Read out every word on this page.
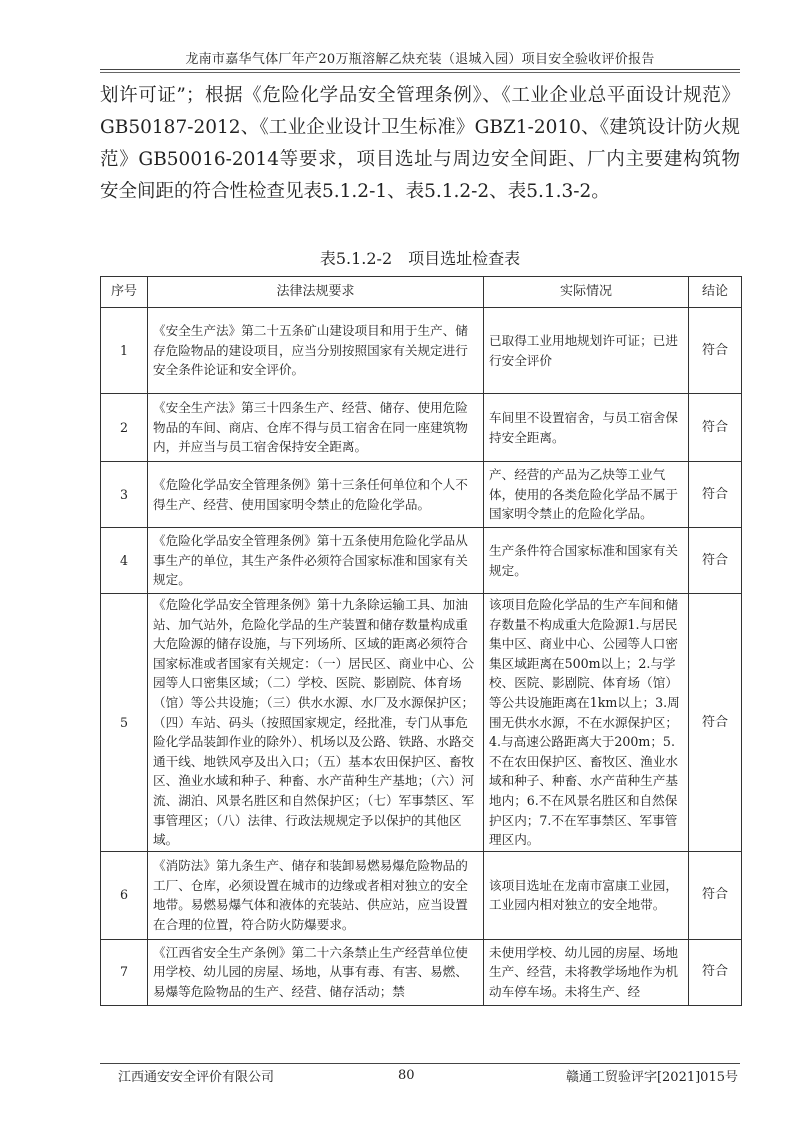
龙南市嘉华气体厂年产20万瓶溶解乙炔充装（退城入园）项目安全验收评价报告

划许可证”；根据《危险化学品安全管理条例》、《工业企业总平面设计规范》GB50187-2012、《工业企业设计卫生标准》GBZ1-2010、《建筑设计防火规范》GB50016-2014等要求，项目选址与周边安全间距、厂内主要建构筑物安全间距的符合性检查见表5.1.2-1、表5.1.2-2、表5.1.3-2。

表5.1.2-2　项目选址检查表
序号	法律法规要求	实际情况	结论
1	《安全生产法》第二十五条矿山建设项目和用于生产、储存危险物品的建设项目，应当分别按照国家有关规定进行安全条件论证和安全评价。	已取得工业用地规划许可证；已进行安全评价	符合
2	《安全生产法》第三十四条生产、经营、储存、使用危险物品的车间、商店、仓库不得与员工宿舍在同一座建筑物内，并应当与员工宿舍保持安全距离。	车间里不设置宿舍，与员工宿舍保持安全距离。	符合
3	《危险化学品安全管理条例》第十三条任何单位和个人不得生产、经营、使用国家明令禁止的危险化学品。	产、经营的产品为乙炔等工业气体，使用的各类危险化学品不属于国家明令禁止的危险化学品。	符合
4	《危险化学品安全管理条例》第十五条使用危险化学品从事生产的单位，其生产条件必须符合国家标准和国家有关规定。	生产条件符合国家标准和国家有关规定。	符合
5	《危险化学品安全管理条例》第十九条除运输工具、加油站、加气站外，危险化学品的生产装置和储存数量构成重大危险源的储存设施，与下列场所、区域的距离必须符合国家标准或者国家有关规定：（一）居民区、商业中心、公园等人口密集区域；（二）学校、医院、影剧院、体育场（馆）等公共设施；（三）供水水源、水厂及水源保护区；（四）车站、码头（按照国家规定，经批准，专门从事危险化学品装卸作业的除外）、机场以及公路、铁路、水路交通干线、地铁风亭及出入口；（五）基本农田保护区、畜牧区、渔业水域和种子、种畜、水产苗种生产基地；（六）河流、湖泊、风景名胜区和自然保护区；（七）军事禁区、军事管理区；（八）法律、行政法规规定予以保护的其他区域。	该项目危险化学品的生产车间和储存数量不构成重大危险源1.与居民集中区、商业中心、公园等人口密集区域距离在500m以上；2.与学校、医院、影剧院、体育场（馆）等公共设施距离在1km以上；3.周围无供水水源，不在水源保护区；4.与高速公路距离大于200m；5.不在农田保护区、畜牧区、渔业水域和种子、种畜、水产苗种生产基地内；6.不在风景名胜区和自然保护区内；7.不在军事禁区、军事管理区内。	符合
6	《消防法》第九条生产、储存和装卸易燃易爆危险物品的工厂、仓库，必须设置在城市的边缘或者相对独立的安全地带。易燃易爆气体和液体的充装站、供应站，应当设置在合理的位置，符合防火防爆要求。	该项目选址在龙南市富康工业园，工业园内相对独立的安全地带。	符合
7	《江西省安全生产条例》第二十六条禁止生产经营单位使用学校、幼儿园的房屋、场地，从事有毒、有害、易燃、易爆等危险物品的生产、经营、储存活动；禁	未使用学校、幼儿园的房屋、场地生产、经营，未将教学场地作为机动车停车场。未将生产、经	符合
江西通安安全评价有限公司	80	赣通工贸验评字[2021]015号
